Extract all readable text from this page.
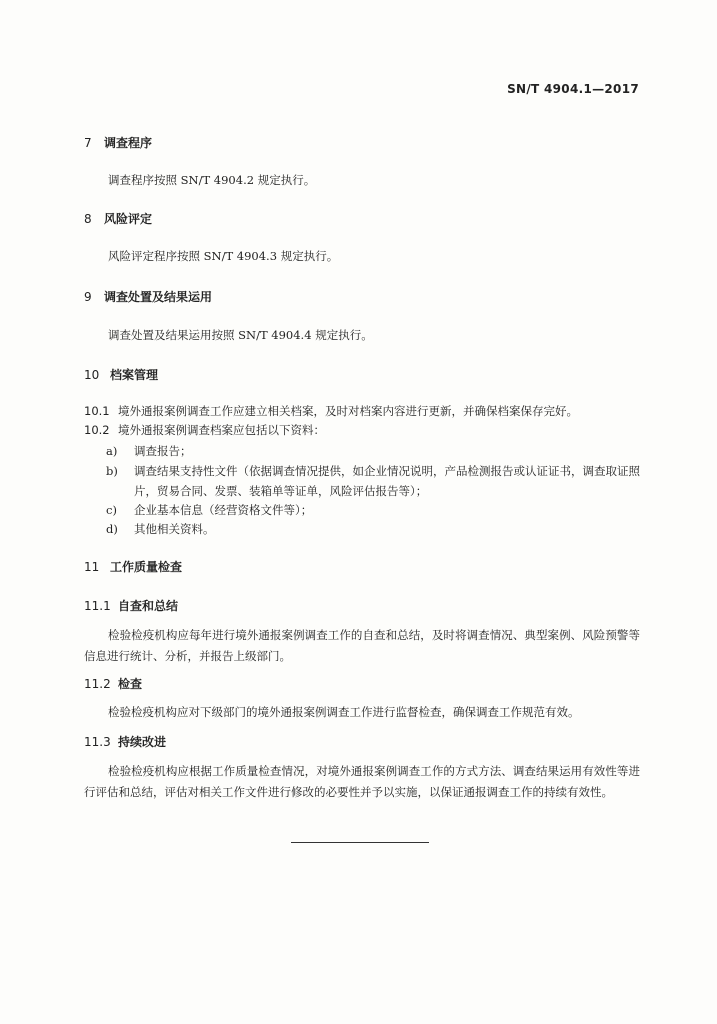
SN/T 4904.1—2017
7 调查程序
调查程序按照 SN/T 4904.2 规定执行。
8 风险评定
风险评定程序按照 SN/T 4904.3 规定执行。
9 调查处置及结果运用
调查处置及结果运用按照 SN/T 4904.4 规定执行。
10 档案管理
10.1 境外通报案例调查工作应建立相关档案，及时对档案内容进行更新，并确保档案保存完好。
10.2 境外通报案例调查档案应包括以下资料：
a)	调查报告；
b)	调查结果支持性文件（依据调查情况提供，如企业情况说明，产品检测报告或认证证书，调查取证照片，贸易合同、发票、装箱单等证单，风险评估报告等）；
c)	企业基本信息（经营资格文件等）；
d)	其他相关资料。
11 工作质量检查
11.1 自查和总结
检验检疫机构应每年进行境外通报案例调查工作的自查和总结，及时将调查情况、典型案例、风险预警等信息进行统计、分析，并报告上级部门。
11.2 检查
检验检疫机构应对下级部门的境外通报案例调查工作进行监督检查，确保调查工作规范有效。
11.3 持续改进
检验检疫机构应根据工作质量检查情况，对境外通报案例调查工作的方式方法、调查结果运用有效性等进行评估和总结，评估对相关工作文件进行修改的必要性并予以实施，以保证通报调查工作的持续有效性。
